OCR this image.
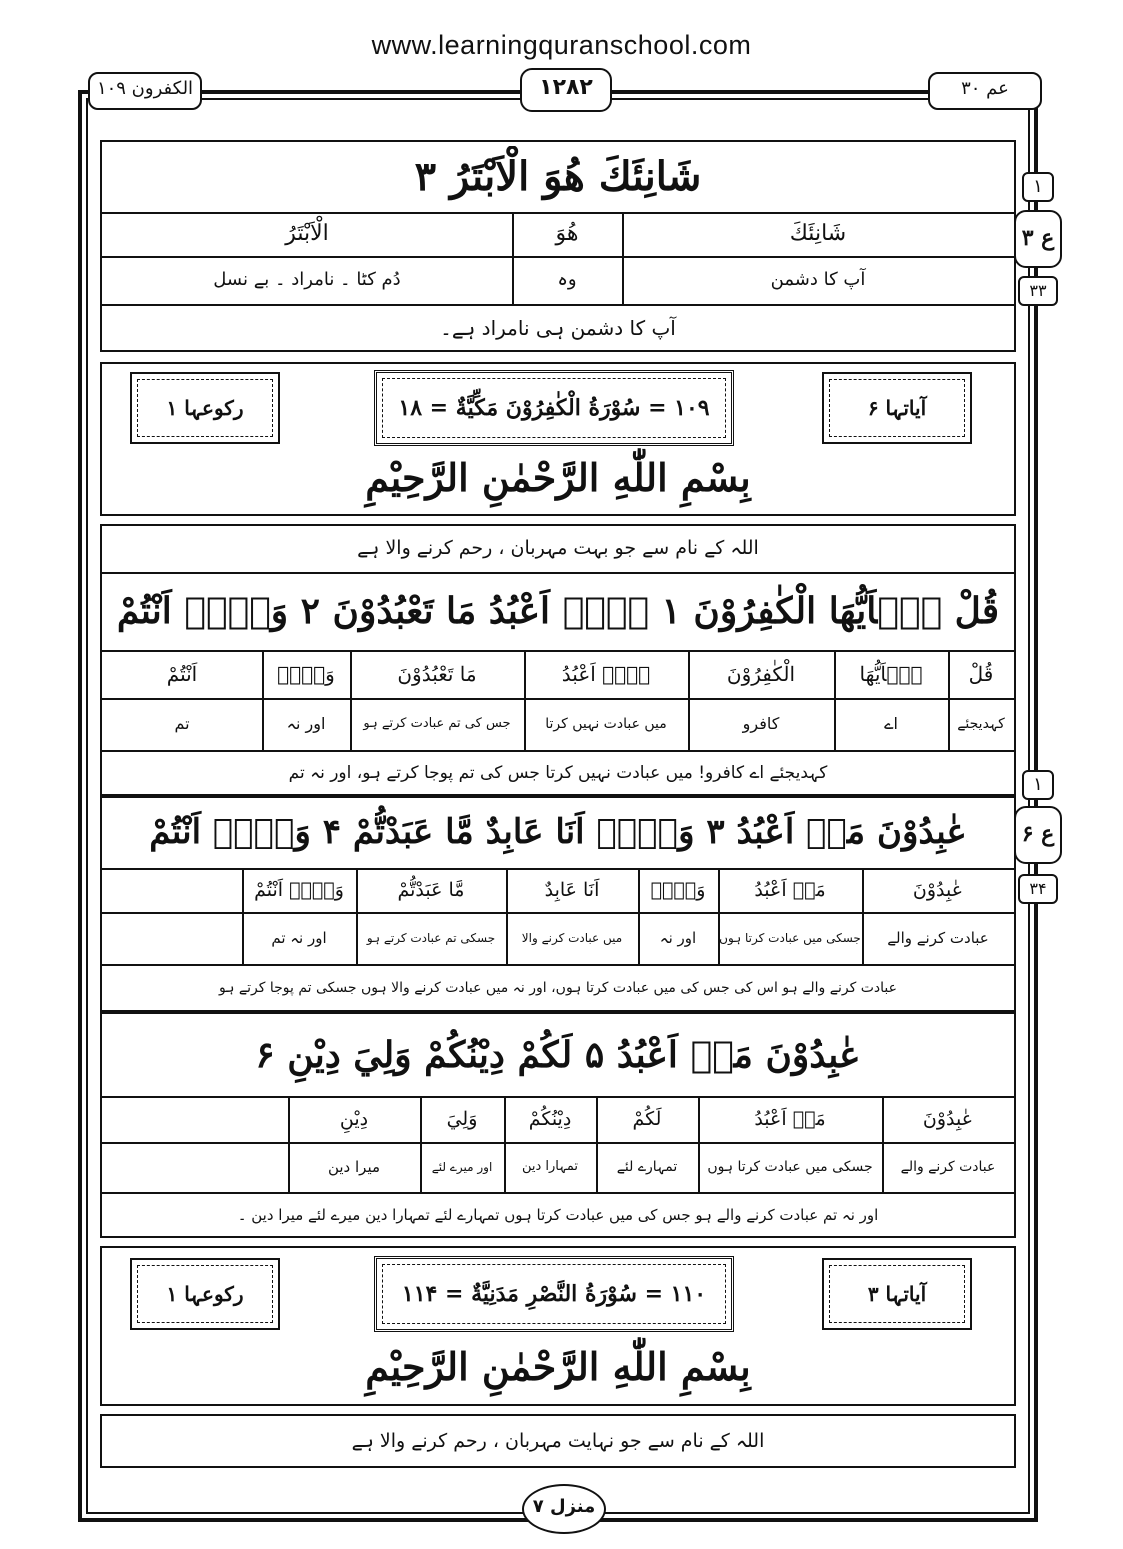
www.learningquranschool.com
الکفرون ۱۰۹	۱۲۸۲	عم ۳۰
شَانِئَكَ هُوَ الْاَبْتَرُ ۳
شَانِئَكَ
هُوَ
الْاَبْتَرُ
آپ کا دشمن
وہ
دُم کٹا ۔ نامراد ۔ بے نسل
آپ کا دشمن ہی نامراد ہے۔
۱
ع ۳
۳۳
آیاتہا ۶
۱۰۹ = سُوْرَةُ الْكٰفِرُوْنَ مَكِّيَّةٌ = ۱۸
رکوعہا ۱
بِسْمِ اللّٰهِ الرَّحْمٰنِ الرَّحِيْمِ
اللہ کے نام سے جو بہت مہربان ، رحم کرنے والا ہے
قُلْ يٰۤاَيُّهَا الْكٰفِرُوْنَ ۱ لَاۤ اَعْبُدُ مَا تَعْبُدُوْنَ ۲ وَلَاۤ اَنْتُمْ
قُلْ
يٰۤاَيُّهَا
الْكٰفِرُوْنَ
لَاۤ اَعْبُدُ
مَا تَعْبُدُوْنَ
وَلَاۤ
اَنْتُمْ
کہدیجئے
اے
کافرو
میں عبادت نہیں کرتا
جس کی تم عبادت کرتے ہو
اور نہ
تم
کہدیجئے اے کافرو! میں عبادت نہیں کرتا جس کی تم پوجا کرتے ہو، اور نہ تم
عٰبِدُوْنَ مَاۤ اَعْبُدُ ۳ وَلَاۤ اَنَا عَابِدٌ مَّا عَبَدْتُّمْ ۴ وَلَاۤ اَنْتُمْ
عٰبِدُوْنَ
مَاۤ اَعْبُدُ
وَلَاۤ
اَنَا عَابِدٌ
مَّا عَبَدْتُّمْ
وَلَاۤ اَنْتُمْ
عبادت کرنے والے
جسکی میں عبادت کرتا ہوں
اور نہ
میں عبادت کرنے والا
جسکی تم عبادت کرتے ہو
اور نہ تم
عبادت کرنے والے ہو اس کی جس کی میں عبادت کرتا ہوں، اور نہ میں عبادت کرنے والا ہوں جسکی تم پوجا کرتے ہو
۱
ع ۶
۳۴
عٰبِدُوْنَ مَاۤ اَعْبُدُ ۵ لَكُمْ دِيْنُكُمْ وَلِيَ دِيْنِ ۶
عٰبِدُوْنَ
مَاۤ اَعْبُدُ
لَكُمْ
دِيْنُكُمْ
وَلِيَ
دِيْنِ
عبادت کرنے والے
جسکی میں عبادت کرتا ہوں
تمہارے لئے
تمہارا دین
اور میرے لئے
میرا دین
اور نہ تم عبادت کرنے والے ہو جس کی میں عبادت کرتا ہوں تمہارے لئے تمہارا دین میرے لئے میرا دین ۔
آیاتہا ۳
۱۱۰ = سُوْرَةُ النَّصْرِ مَدَنِيَّةٌ = ۱۱۴
رکوعہا ۱
بِسْمِ اللّٰهِ الرَّحْمٰنِ الرَّحِيْمِ
اللہ کے نام سے جو نہایت مہربان ، رحم کرنے والا ہے
منزل ۷
